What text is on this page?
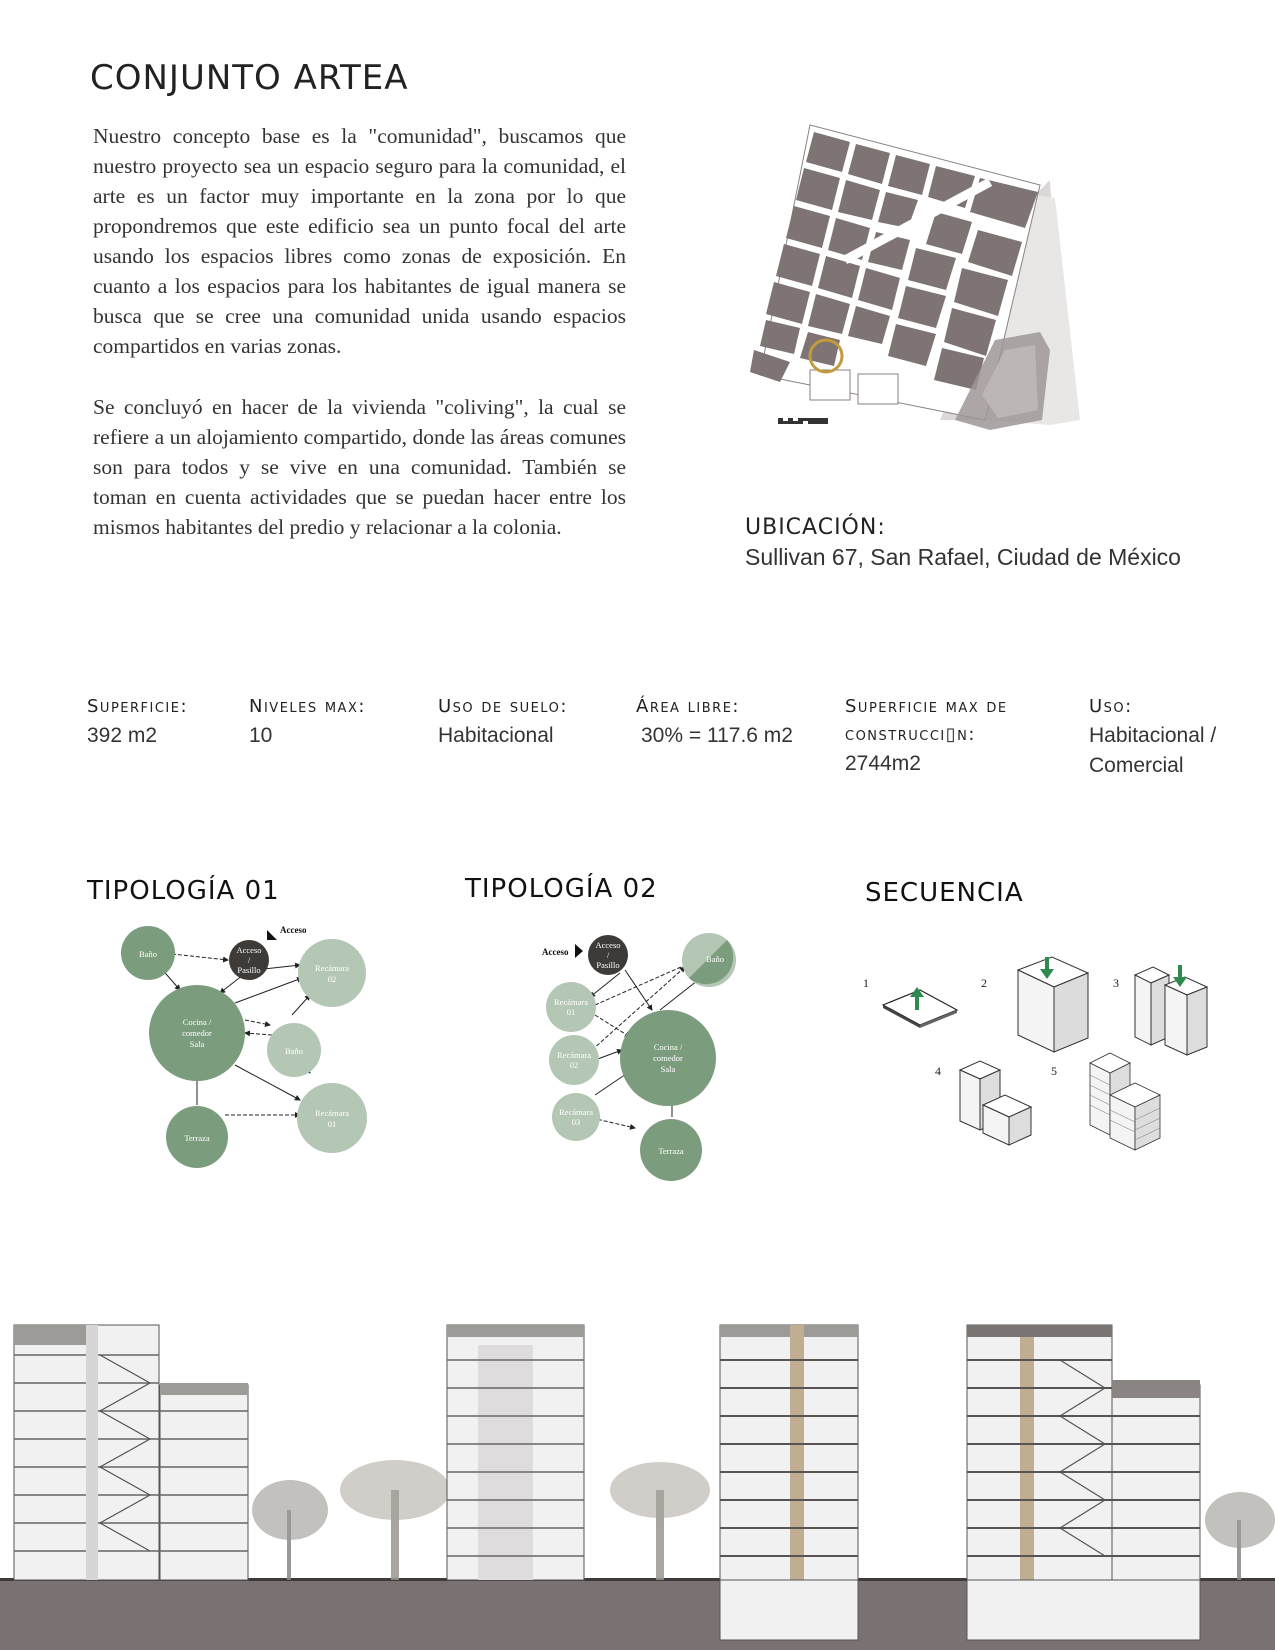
CONJUNTO ARTEA

Nuestro concepto base es la "comunidad", buscamos que nuestro proyecto sea un espacio seguro para la comunidad, el arte es un factor muy importante en la zona por lo que propondremos que este edificio sea un punto focal del arte usando los espacios libres como zonas de exposición. En cuanto a los espacios para los habitantes de igual manera se busca que se cree una comunidad unida usando espacios compartidos en varias zonas.

Se concluyó en hacer de la vivienda "coliving", la cual se refiere a un alojamiento compartido, donde las áreas comunes son para todos y se vive en una comunidad. También se toman en cuenta actividades que se puedan hacer entre los mismos habitantes del predio y relacionar a la colonia.	UBICACIÓN:
Sullivan 67, San Rafael, Ciudad de México
Superficie:
392 m2
Niveles max:
10
Uso de suelo:
Habitacional
Área libre:
30% = 117.6 m2
Superficie max de construcci▯​n:
2744m2
Uso:
Habitacional / Comercial
TIPOLOGÍA 01	TIPOLOGÍA 02	SECUENCIA
Baño	Acceso
/
Pasillo	Recámara
02
Cocina /
comedor
Sala
Baño
Terraza
Recámara
01
Acceso
Acceso
/
Pasillo
Baño
Recámara
01
Recámara
02
Cocina /
comedor
Sala
Recámara
03
Terraza
Acceso
1	2	3
4	5
